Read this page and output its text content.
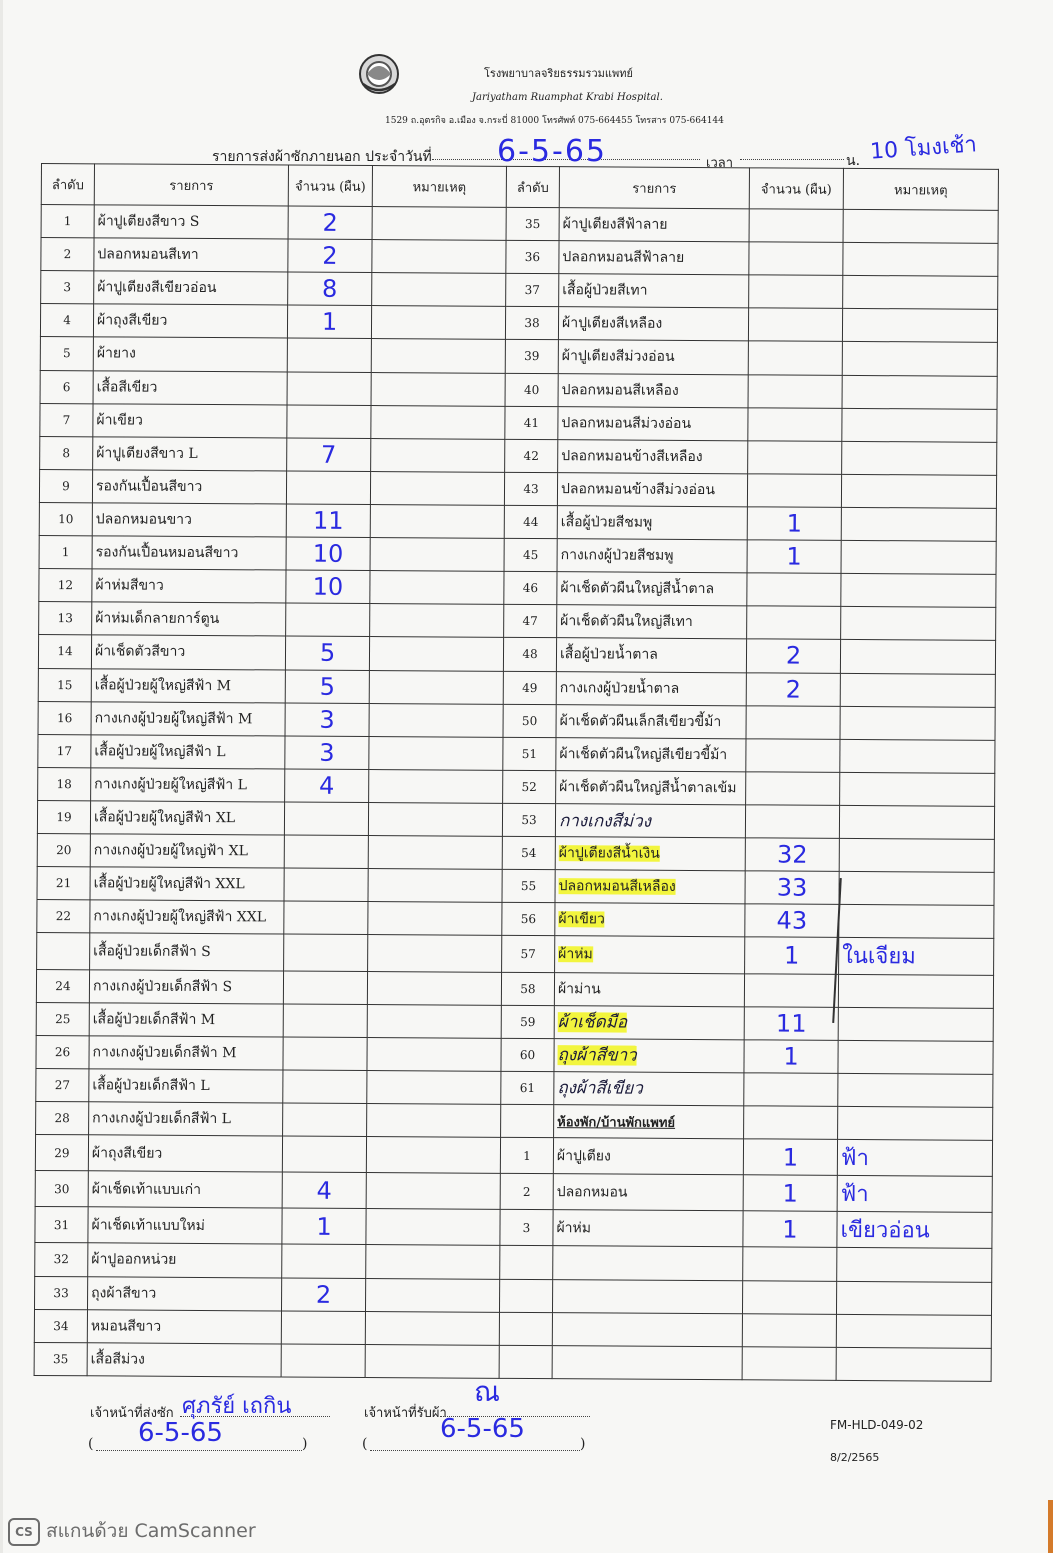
โรงพยาบาลจริยธรรมรวมแพทย์
Jariyatham Ruamphat Krabi Hospital.
1529 ถ.อุตรกิจ อ.เมือง จ.กระบี่ 81000 โทรศัพท์ 075-664455 โทรสาร 075-664144
รายการส่งผ้าซักภายนอก ประจำวันที่ 6-5-65	เวลา	น. 10 โมงเช้า
ลำดับ	รายการ	จำนวน (ผืน)	หมายเหตุ	ลำดับ	รายการ	จำนวน (ผืน)	หมายเหตุ
1	ผ้าปูเตียงสีขาว S	2		35	ผ้าปูเตียงสีฟ้าลาย		
2	ปลอกหมอนสีเทา	2		36	ปลอกหมอนสีฟ้าลาย		
3	ผ้าปูเตียงสีเขียวอ่อน	8		37	เสื้อผู้ป่วยสีเทา		
4	ผ้าถุงสีเขียว	1		38	ผ้าปูเตียงสีเหลือง		
5	ผ้ายาง			39	ผ้าปูเตียงสีม่วงอ่อน		
6	เสื้อสีเขียว			40	ปลอกหมอนสีเหลือง		
7	ผ้าเขียว			41	ปลอกหมอนสีม่วงอ่อน		
8	ผ้าปูเตียงสีขาว L	7		42	ปลอกหมอนข้างสีเหลือง		
9	รองกันเปื้อนสีขาว			43	ปลอกหมอนข้างสีม่วงอ่อน		
10	ปลอกหมอนขาว	11		44	เสื้อผู้ป่วยสีชมพู	1	
1	รองกันเปื้อนหมอนสีขาว	10		45	กางเกงผู้ป่วยสีชมพู	1	
12	ผ้าห่มสีขาว	10		46	ผ้าเช็ดตัวผืนใหญ่สีน้ำตาล		
13	ผ้าห่มเด็กลายการ์ตูน			47	ผ้าเช็ดตัวผืนใหญ่สีเทา		
14	ผ้าเช็ดตัวสีขาว	5		48	เสื้อผู้ป่วยน้ำตาล	2	
15	เสื้อผู้ป่วยผู้ใหญ่สีฟ้า M	5		49	กางเกงผู้ป่วยน้ำตาล	2	
16	กางเกงผู้ป่วยผู้ใหญ่สีฟ้า M	3		50	ผ้าเช็ดตัวผืนเล็กสีเขียวขี้ม้า		
17	เสื้อผู้ป่วยผู้ใหญ่สีฟ้า L	3		51	ผ้าเช็ดตัวผืนใหญ่สีเขียวขี้ม้า		
18	กางเกงผู้ป่วยผู้ใหญ่สีฟ้า L	4		52	ผ้าเช็ดตัวผืนใหญ่สีน้ำตาลเข้ม		
19	เสื้อผู้ป่วยผู้ใหญ่สีฟ้า XL			53	กางเกงสีม่วง		
20	กางเกงผู้ป่วยผู้ใหญ่ฟ้า XL			54	ผ้าปูเตียงสีน้ำเงิน	32	
21	เสื้อผู้ป่วยผู้ใหญ่สีฟ้า XXL			55	ปลอกหมอนสีเหลือง	33	
22	กางเกงผู้ป่วยผู้ใหญ่สีฟ้า XXL			56	ผ้าเขียว	43	
	เสื้อผู้ป่วยเด็กสีฟ้า S			57	ผ้าห่ม	1	ในเจียม
24	กางเกงผู้ป่วยเด็กสีฟ้า S			58	ผ้าม่าน		
25	เสื้อผู้ป่วยเด็กสีฟ้า M			59	ผ้าเช็ดมือ	11	
26	กางเกงผู้ป่วยเด็กสีฟ้า M			60	ถุงผ้าสีขาว	1	
27	เสื้อผู้ป่วยเด็กสีฟ้า L			61	ถุงผ้าสีเขียว		
28	กางเกงผู้ป่วยเด็กสีฟ้า L				ห้องพัก/บ้านพักแพทย์		
29	ผ้าถุงสีเขียว			1	ผ้าปูเตียง	1	ฟ้า
30	ผ้าเช็ดเท้าแบบเก่า	4		2	ปลอกหมอน	1	ฟ้า
31	ผ้าเช็ดเท้าแบบใหม่	1		3	ผ้าห่ม	1	เขียวอ่อน
32	ผ้าปูออกหน่วย						
33	ถุงผ้าสีขาว	2					
34	หมอนสีขาว						
35	เสื้อสีม่วง						
เจ้าหน้าที่ส่งซัก ศุภรัย์ เถกิน
(	)
6-5-65
เจ้าหน้าที่รับผ้า
ณ
(	)
6-5-65	FM-HLD-049-02
8/2/2565
CS สแกนด้วย CamScanner
